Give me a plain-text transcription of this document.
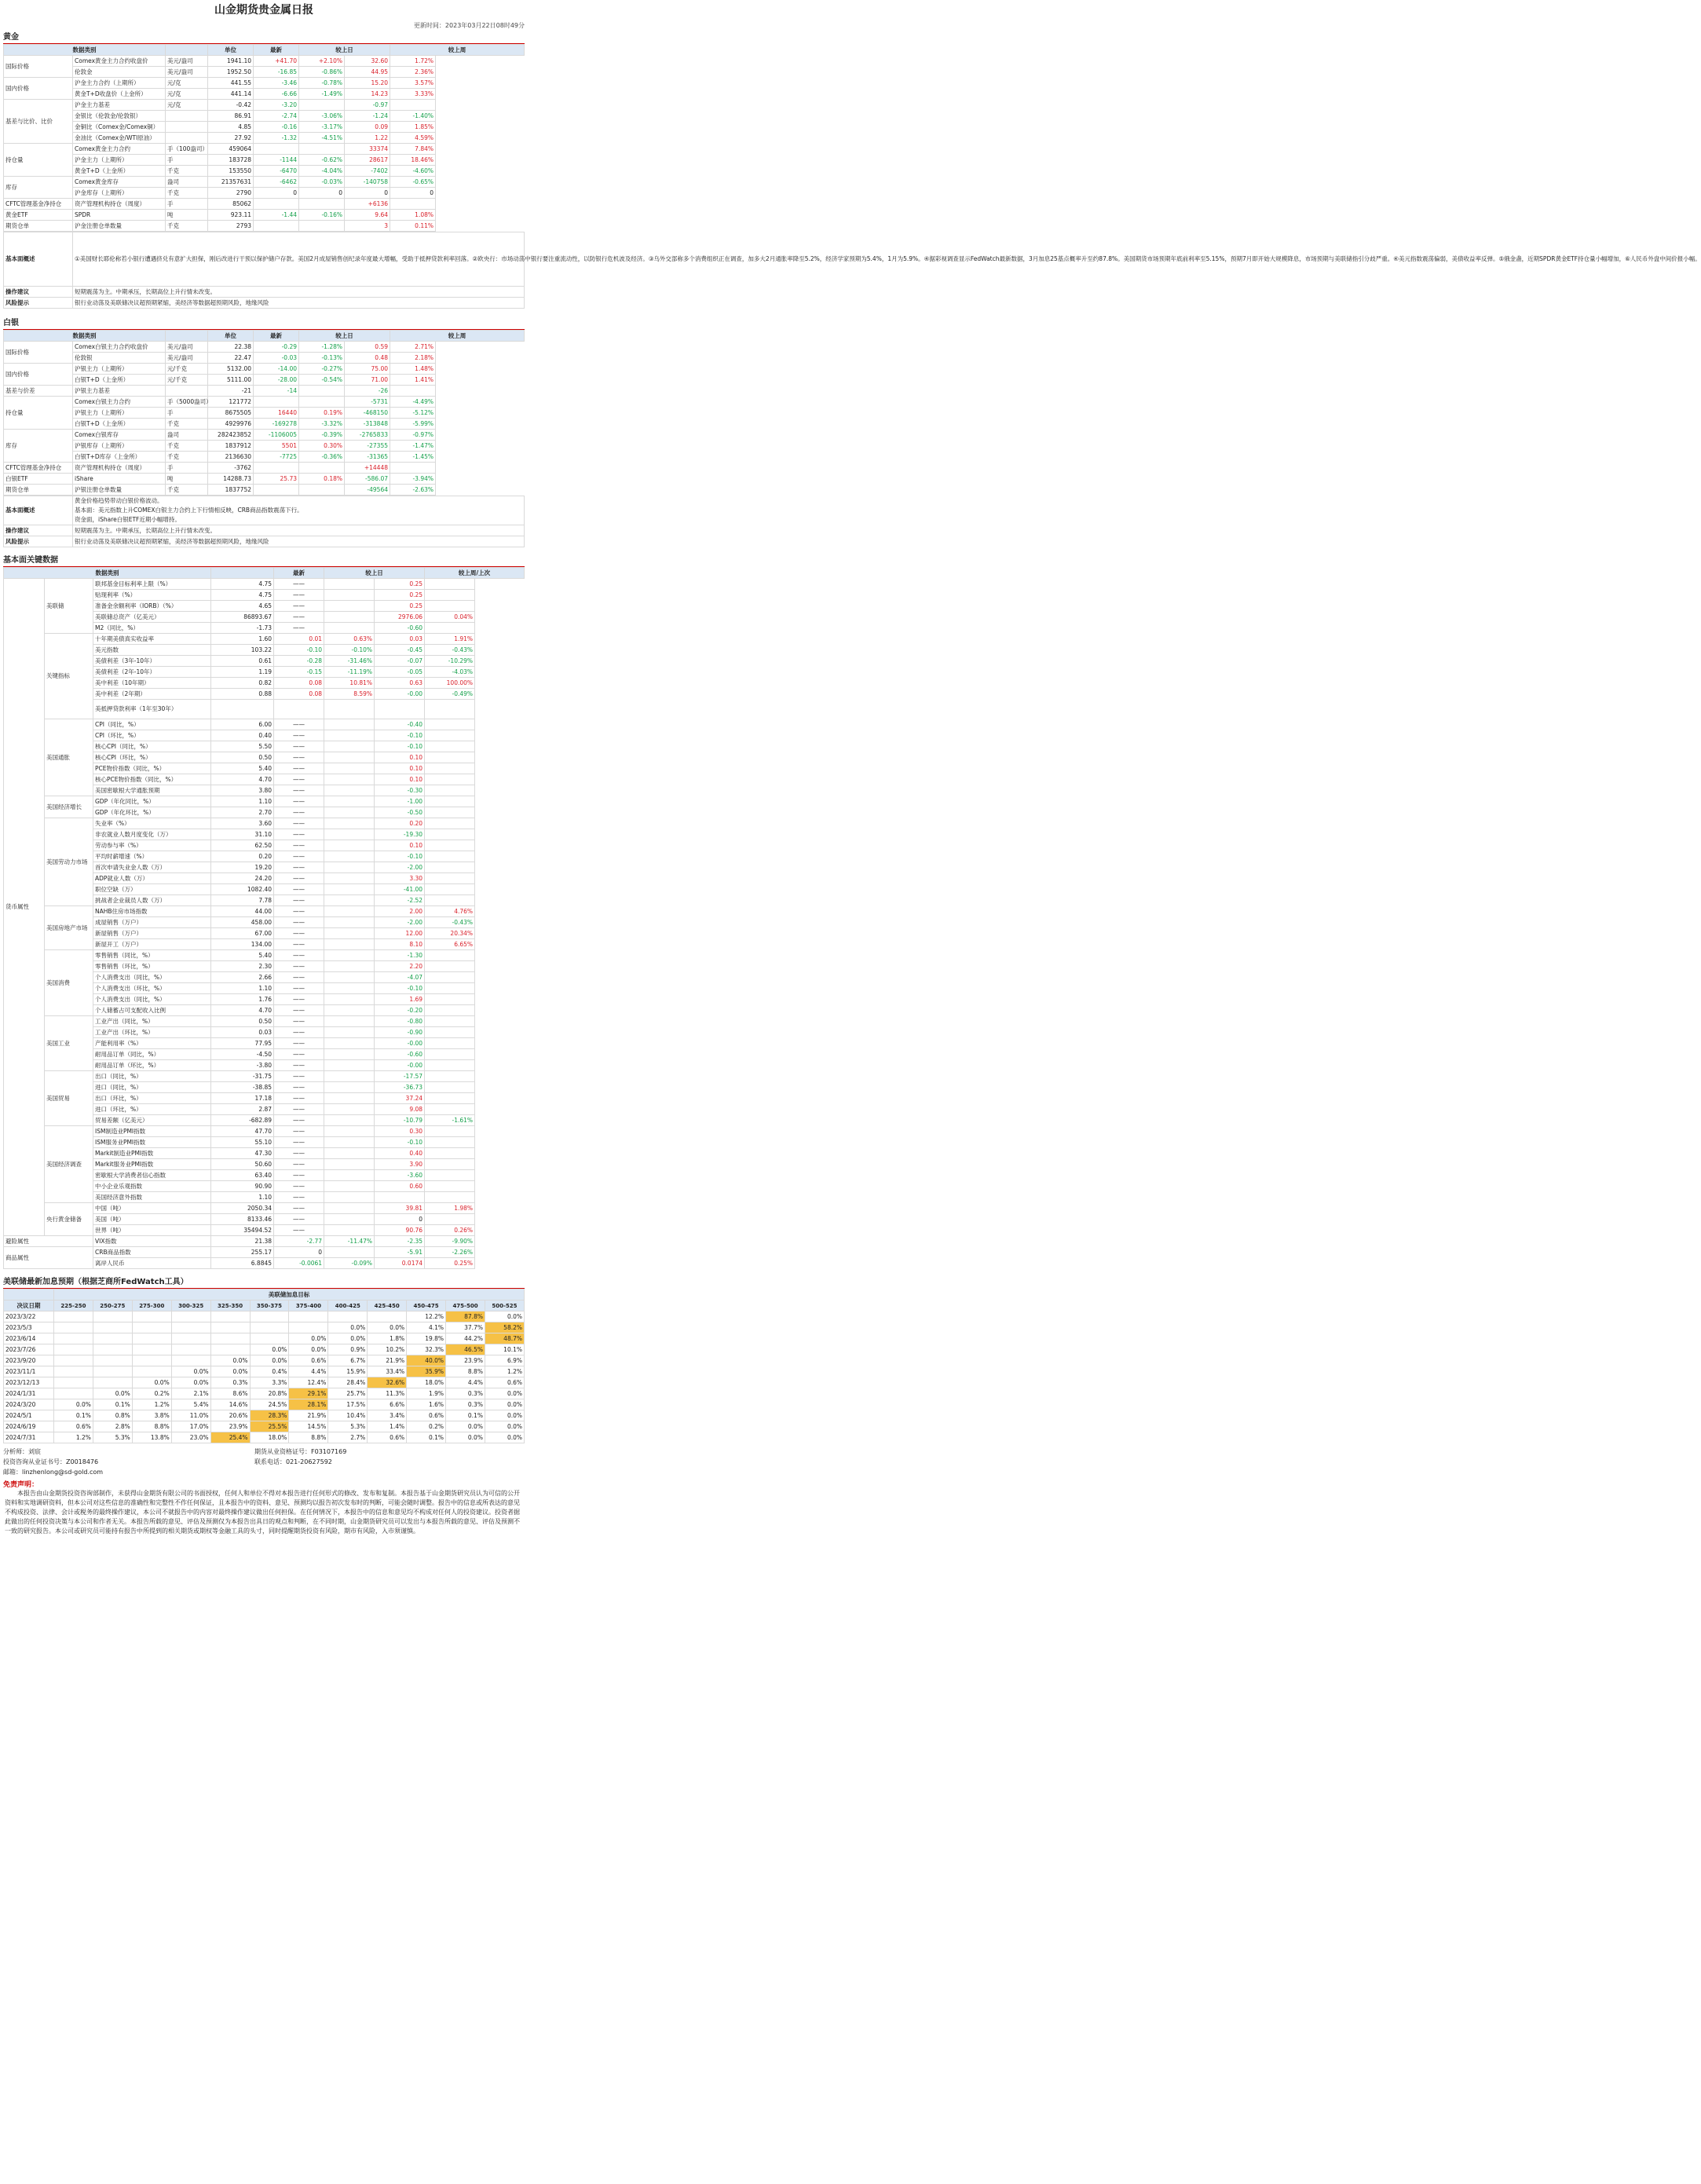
山金期货贵金属日报
更新时间：2023年03月22日08时49分
黄金
数据类别			单位	最新	较上日		较上周
国际价格	Comex黄金主力合约收盘价	美元/盎司	1941.10	+41.70	+2.10%	32.60	1.72%
	伦敦金	美元/盎司	1952.50	-16.85	-0.86%	44.95	2.36%
国内价格	沪金主力合约（上期所）	元/克	441.55	-3.46	-0.78%	15.20	3.57%
	黄金T+D收盘价（上金所）	元/克	441.14	-6.66	-1.49%	14.23	3.33%
基差与比价、比价	沪金主力基差	元/克	-0.42	-3.20		-0.97	
	金银比（伦敦金/伦敦银）		86.91	-2.74	-3.06%	-1.24	-1.40%
	金铜比（Comex金/Comex铜）		4.85	-0.16	-3.17%	0.09	1.85%
	金油比（Comex金/WTI原油）		27.92	-1.32	-4.51%	1.22	4.59%
持仓量	Comex黄金主力合约	手（100盎司）	459064			33374	7.84%
	沪金主力（上期所）	手	183728	-1144	-0.62%	28617	18.46%
	黄金T+D（上金所）	千克	153550	-6470	-4.04%	-7402	-4.60%
库存	Comex黄金库存	盎司	21357631	-6462	-0.03%	-140758	-0.65%
	沪金库存（上期所）	千克	2790	0	0	0	0
CFTC管理基金净持仓	资产管理机构持仓（周度）	手	85062			+6136	
黄金ETF	SPDR	吨	923.11	-1.44	-0.16%	9.64	1.08%
期货仓单	沪金注册仓单数量	千克	2793			3	0.11%
基本面概述	①美国财长耶伦称若小银行遭遇挤兑有意扩大担保，刚后改进行干预以保护储户存款。美国2月成屋销售创纪录年度最大增幅，受助于抵押贷款利率回落。②欧央行：市场动荡中银行要注重流动性，以防银行危机波及经济。③乌外交部称多个消费组织正在调查，加多大2月通胀率降至5.2%，经济学家预期为5.4%，1月为5.9%。④据彩视调查显示FedWatch最新数据，3月加息25基点概率升至约87.8%。美国期货市场预期年底前利率至5.15%，预期7月即开始大规模降息，市场预期与美联储指引分歧严重。④美元指数震荡偏弱，美债收益率反弹。⑤俄金盏，近期SPDR黄金ETF持仓量小幅增加，⑥人民币外盘中间价报小幅。
操作建议	短期震荡为主。中期承压，长期高位上升行情未改变。
风险提示	银行业动荡及美联储决议超预期紧缩，美经济等数据超预期风险，地缘风险
白银
数据类别			单位	最新	较上日		较上周
国际价格	Comex白银主力合约收盘价	美元/盎司	22.38	-0.29	-1.28%	0.59	2.71%
	伦敦银	美元/盎司	22.47	-0.03	-0.13%	0.48	2.18%
国内价格	沪银主力（上期所）	元/千克	5132.00	-14.00	-0.27%	75.00	1.48%
	白银T+D（上金所）	元/千克	5111.00	-28.00	-0.54%	71.00	1.41%
基差与价差	沪银主力基差		-21	-14		-26	
持仓量	Comex白银主力合约	手（5000盎司）	121772			-5731	-4.49%
	沪银主力（上期所）	手	8675505	16440	0.19%	-468150	-5.12%
	白银T+D（上金所）	千克	4929976	-169278	-3.32%	-313848	-5.99%
库存	Comex白银库存	盎司	282423852	-1106005	-0.39%	-2765833	-0.97%
	沪银库存（上期所）	千克	1837912	5501	0.30%	-27355	-1.47%
	白银T+D库存（上金所）	千克	2136630	-7725	-0.36%	-31365	-1.45%
CFTC管理基金净持仓	资产管理机构持仓（周度）	手	-3762			+14448	
白银ETF	iShare	吨	14288.73	25.73	0.18%	-586.07	-3.94%
期货仓单	沪银注册仓单数量	千克	1837752			-49564	-2.63%
基本面概述	黄金价格趋势带动白银价格波动。
基本面：美元指数上升COMEX白银主力合约上下行情相反映，CRB商品指数震荡下行。
资金面，iShare白银ETF近期小幅增持。
操作建议	短期震荡为主。中期承压，长期高位上升行情未改变。
风险提示	银行业动荡及美联储决议超预期紧缩，美经济等数据超预期风险，地缘风险
基本面关键数据
数据类别				最新	较上日		较上周/上次
货币属性	美联储	联邦基金目标利率上限（%）	4.75	——		0.25	
		贴现利率（%）	4.75	——		0.25	
		准备金余额利率（IORB）（%）	4.65	——		0.25	
		美联储总资产（亿美元）	86893.67	——		2976.06	0.04%
		M2（同比，%）	-1.73	——		-0.60	
	关键指标	十年期美债真实收益率	1.60	0.01	0.63%	0.03	1.91%
		美元指数	103.22	-0.10	-0.10%	-0.45	-0.43%
		美债利差（3年-10年）	0.61	-0.28	-31.46%	-0.07	-10.29%
		美债利差（2年-10年）	1.19	-0.15	-11.19%	-0.05	-4.03%
		美中利差（10年期）	0.82	0.08	10.81%	0.63	100.00%
		美中利差（2年期）	0.88	0.08	8.59%	-0.00	-0.49%
		美抵押贷款利率（1年至30年）					
	美国通胀	CPI（同比，%）	6.00	——		-0.40	
		CPI（环比，%）	0.40	——		-0.10	
		核心CPI（同比，%）	5.50	——		-0.10	
		核心CPI（环比，%）	0.50	——		0.10	
		PCE物价指数（同比，%）	5.40	——		0.10	
		核心PCE物价指数（同比，%）	4.70	——		0.10	
		美国密歇根大学通胀预期	3.80	——		-0.30	
	美国经济增长	GDP（年化同比，%）	1.10	——		-1.00	
		GDP（年化环比，%）	2.70	——		-0.50	
	美国劳动力市场	失业率（%）	3.60	——		0.20	
		非农就业人数月度变化（万）	31.10	——		-19.30	
		劳动参与率（%）	62.50	——		0.10	
		平均时薪增速（%）	0.20	——		-0.10	
		首次申请失业金人数（万）	19.20	——		-2.00	
		ADP就业人数（万）	24.20	——		3.30	
		职位空缺（万）	1082.40	——		-41.00	
		挑战者企业裁员人数（万）	7.78	——		-2.52	
	美国房地产市场	NAHB住房市场指数	44.00	——		2.00	4.76%
		成屋销售（万户）	458.00	——		-2.00	-0.43%
		新屋销售（万户）	67.00	——		12.00	20.34%
		新屋开工（万户）	134.00	——		8.10	6.65%
	美国消费	零售销售（同比，%）	5.40	——		-1.30	
		零售销售（环比，%）	2.30	——		2.20	
		个人消费支出（同比，%）	2.66	——		-4.07	
		个人消费支出（环比，%）	1.10	——		-0.10	
		个人消费支出（同比，%）	1.76	——		1.69	
		个人储蓄占可支配收入比例	4.70	——		-0.20	
	美国工业	工业产出（同比，%）	0.50	——		-0.80	
		工业产出（环比，%）	0.03	——		-0.90	
		产能利用率（%）	77.95	——		-0.00	
		耐用品订单（同比，%）	-4.50	——		-0.60	
		耐用品订单（环比，%）	-3.80	——		-0.00	
	美国贸易	出口（同比，%）	-31.75	——		-17.57	
		进口（同比，%）	-38.85	——		-36.73	
		出口（环比，%）	17.18	——		37.24	
		进口（环比，%）	2.87	——		9.08	
		贸易差额（亿美元）	-682.89	——		-10.79	-1.61%
	美国经济调查	ISM制造业PMI指数	47.70	——		0.30	
		ISM服务业PMI指数	55.10	——		-0.10	
		Markit制造业PMI指数	47.30	——		0.40	
		Markit服务业PMI指数	50.60	——		3.90	
		密歇根大学消费者信心指数	63.40	——		-3.60	
		中小企业乐观指数	90.90	——		0.60	
		美国经济意外指数	1.10	——			
	央行黄金储备	中国（吨）	2050.34	——		39.81	1.98%
		美国（吨）	8133.46	——		0	
		世界（吨）	35494.52	——		90.76	0.26%
避险属性		VIX指数	21.38	-2.77	-11.47%	-2.35	-9.90%
商品属性		CRB商品指数	255.17	0		-5.91	-2.26%
		离岸人民币	6.8845	-0.0061	-0.09%	0.0174	0.25%
美联储最新加息预期（根据芝商所FedWatch工具）
	美联储加息目标											
决议日期	225-250	250-275	275-300	300-325	325-350	350-375	375-400	400-425	425-450	450-475	475-500	500-525
2023/3/22										12.2%	87.8%	0.0%
2023/5/3								0.0%	0.0%	4.1%	37.7%	58.2%
2023/6/14							0.0%	0.0%	1.8%	19.8%	44.2%	48.7%
2023/7/26						0.0%	0.0%	0.9%	10.2%	32.3%	46.5%	10.1%
2023/9/20					0.0%	0.0%	0.6%	6.7%	21.9%	40.0%	23.9%	6.9%
2023/11/1				0.0%	0.0%	0.4%	4.4%	15.9%	33.4%	35.9%	8.8%	1.2%
2023/12/13			0.0%	0.0%	0.3%	3.3%	12.4%	28.4%	32.6%	18.0%	4.4%	0.6%
2024/1/31		0.0%	0.2%	2.1%	8.6%	20.8%	29.1%	25.7%	11.3%	1.9%	0.3%	0.0%
2024/3/20	0.0%	0.1%	1.2%	5.4%	14.6%	24.5%	28.1%	17.5%	6.6%	1.6%	0.3%	0.0%
2024/5/1	0.1%	0.8%	3.8%	11.0%	20.6%	28.3%	21.9%	10.4%	3.4%	0.6%	0.1%	0.0%
2024/6/19	0.6%	2.8%	8.8%	17.0%	23.9%	25.5%	14.5%	5.3%	1.4%	0.2%	0.0%	0.0%
2024/7/31	1.2%	5.3%	13.8%	23.0%	25.4%	18.0%	8.8%	2.7%	0.6%	0.1%	0.0%	0.0%
分析师：刘宸	期货从业资格证号：F03107169
投资咨询从业证书号：Z0018476	联系电话：021-20627592
邮箱：linzhenlong@sd-gold.com
免责声明：
本报告由山金期货投资咨询部制作，未获得山金期货有限公司的书面授权，任何人和单位不得对本报告进行任何形式的修改、发布和复制。本报告基于山金期货研究员认为可信的公开资料和实地调研资料，但本公司对这些信息的准确性和完整性不作任何保证，且本报告中的资料、意见、预测均以报告初次发布时的判断，可能会随时调整。报告中的信息或所表达的意见不构成投资、法律、会计或税务的最终操作建议，本公司不就报告中的内容对最终操作建议做出任何担保。在任何情况下，本报告中的信息和意见均不构成对任何人的投资建议。投资者据此做出的任何投资决策与本公司和作者无关。本报告所载的意见、评估及预测仅为本报告出具日的观点和判断，在不同时期，山金期货研究员可以发出与本报告所载的意见、评估及预测不一致的研究报告。本公司或研究员可能持有报告中所提到的相关期货或期权等金融工具的头寸，同时提醒期货投资有风险，期市有风险，入市须谨慎。
